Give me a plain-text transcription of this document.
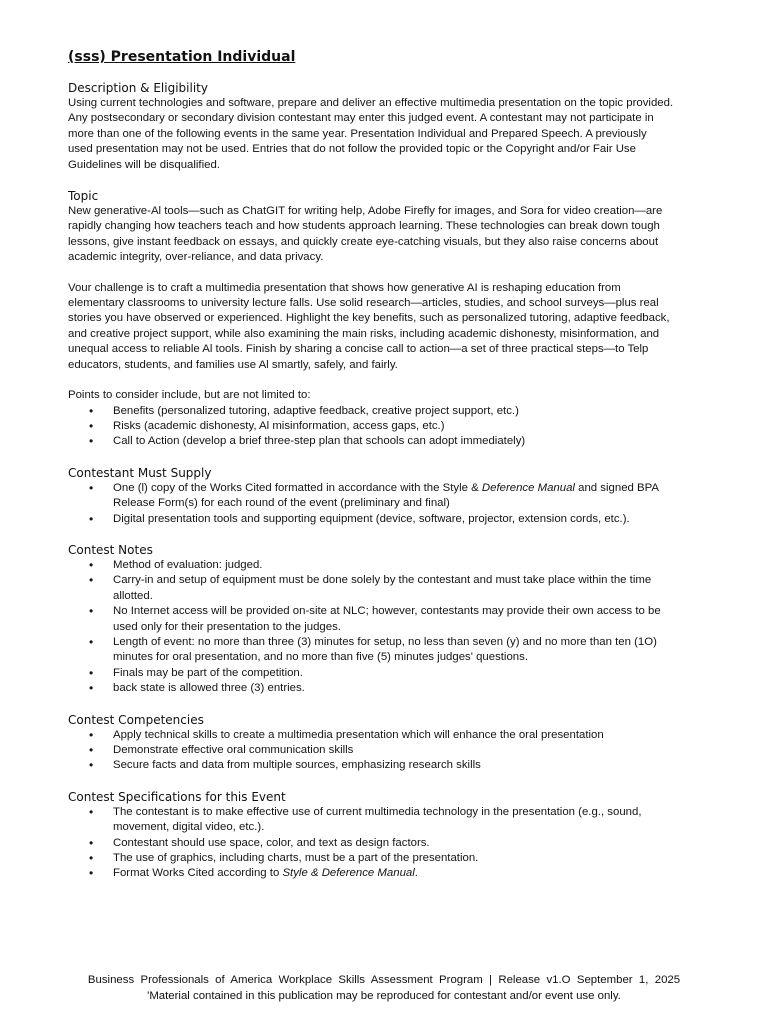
(sss) Presentation Individual
Description & Eligibility

Using current technologies and software, prepare and deliver an effective multimedia presentation on the topic provided. Any postsecondary or secondary division contestant may enter this judged event. A contestant may not participate in more than one of the following events in the same year. Presentation Individual and Prepared Speech. A previously used presentation may not be used. Entries that do not follow the provided topic or the Copyright and/or Fair Use Guidelines will be disqualified.

Topic

New generative-Al tools—such as ChatGIT for writing help, Adobe Firefly for images, and Sora for video creation—are rapidly changing how teachers teach and how students approach learning. These technologies can break down tough lessons, give instant feedback on essays, and quickly create eye-catching visuals, but they also raise concerns about academic integrity, over-reliance, and data privacy.

Vour challenge is to craft a multimedia presentation that shows how generative AI is reshaping education from elementary classrooms to university lecture falls. Use solid research—articles, studies, and school surveys—plus real stories you have observed or experienced. Highlight the key benefits, such as personalized tutoring, adaptive feedback, and creative project support, while also examining the main risks, including academic dishonesty, misinformation, and unequal access to reliable Al tools. Finish by sharing a concise call to action—a set of three practical steps—to Telp educators, students, and families use Al smartly, safely, and fairly.

Points to consider include, but are not limited to:

• Benefits (personalized tutoring, adaptive feedback, creative project support, etc.)
• Risks (academic dishonesty, Al misinformation, access gaps, etc.)
• Call to Action (develop a brief three-step plan that schools can adopt immediately)
Contestant Must Supply
• One (l) copy of the Works Cited formatted in accordance with the Style & Deference Manual and signed BPA Release Form(s) for each round of the event (preliminary and final)
• Digital presentation tools and supporting equipment (device, software, projector, extension cords, etc.).
Contest Notes
• Method of evaluation: judged.
• Carry-in and setup of equipment must be done solely by the contestant and must take place within the time allotted.
• No Internet access will be provided on-site at NLC; however, contestants may provide their own access to be used only for their presentation to the judges.
• Length of event: no more than three (3) minutes for setup, no less than seven (y) and no more than ten (1O) minutes for oral presentation, and no more than five (5) minutes judges' questions.
• Finals may be part of the competition.
• back state is allowed three (3) entries.
Contest Competencies
• Apply technical skills to create a multimedia presentation which will enhance the oral presentation
• Demonstrate effective oral communication skills
• Secure facts and data from multiple sources, emphasizing research skills
Contest Specifications for this Event
• The contestant is to make effective use of current multimedia technology in the presentation (e.g., sound, movement, digital video, etc.).
• Contestant should use space, color, and text as design factors.
• The use of graphics, including charts, must be a part of the presentation.
• Format Works Cited according to Style & Deference Manual.
Business  Professionals  of  America  Workplace  Skills  Assessment  Program  |  Release  v1.O  September  1,  2025
'Material contained in this publication may be reproduced for contestant and/or event use only.
